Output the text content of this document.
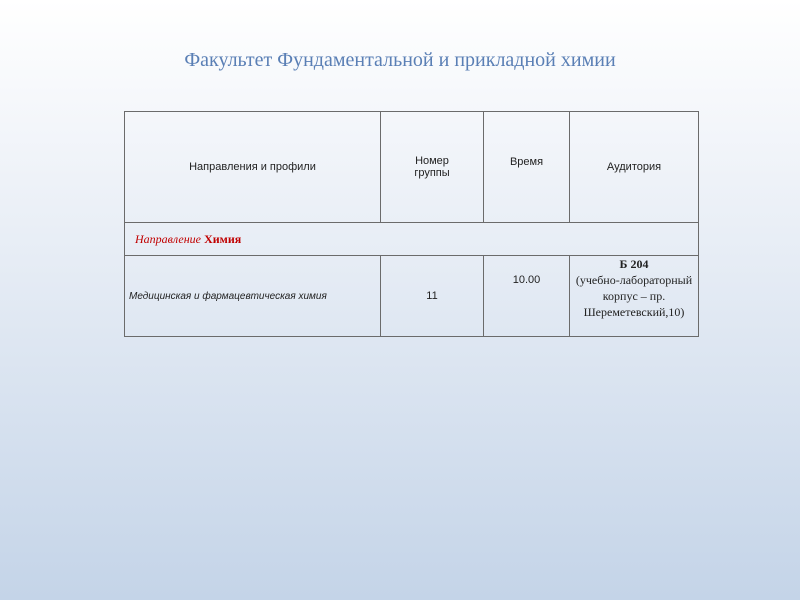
Факультет Фундаментальной и прикладной химии
Направления и профили	Номер группы	Время	Аудитория
Направление Химия			
Медицинская и фармацевтическая химия	11	10.00	Б 204
(учебно-лабораторный корпус – пр. Шереметевский,10)
